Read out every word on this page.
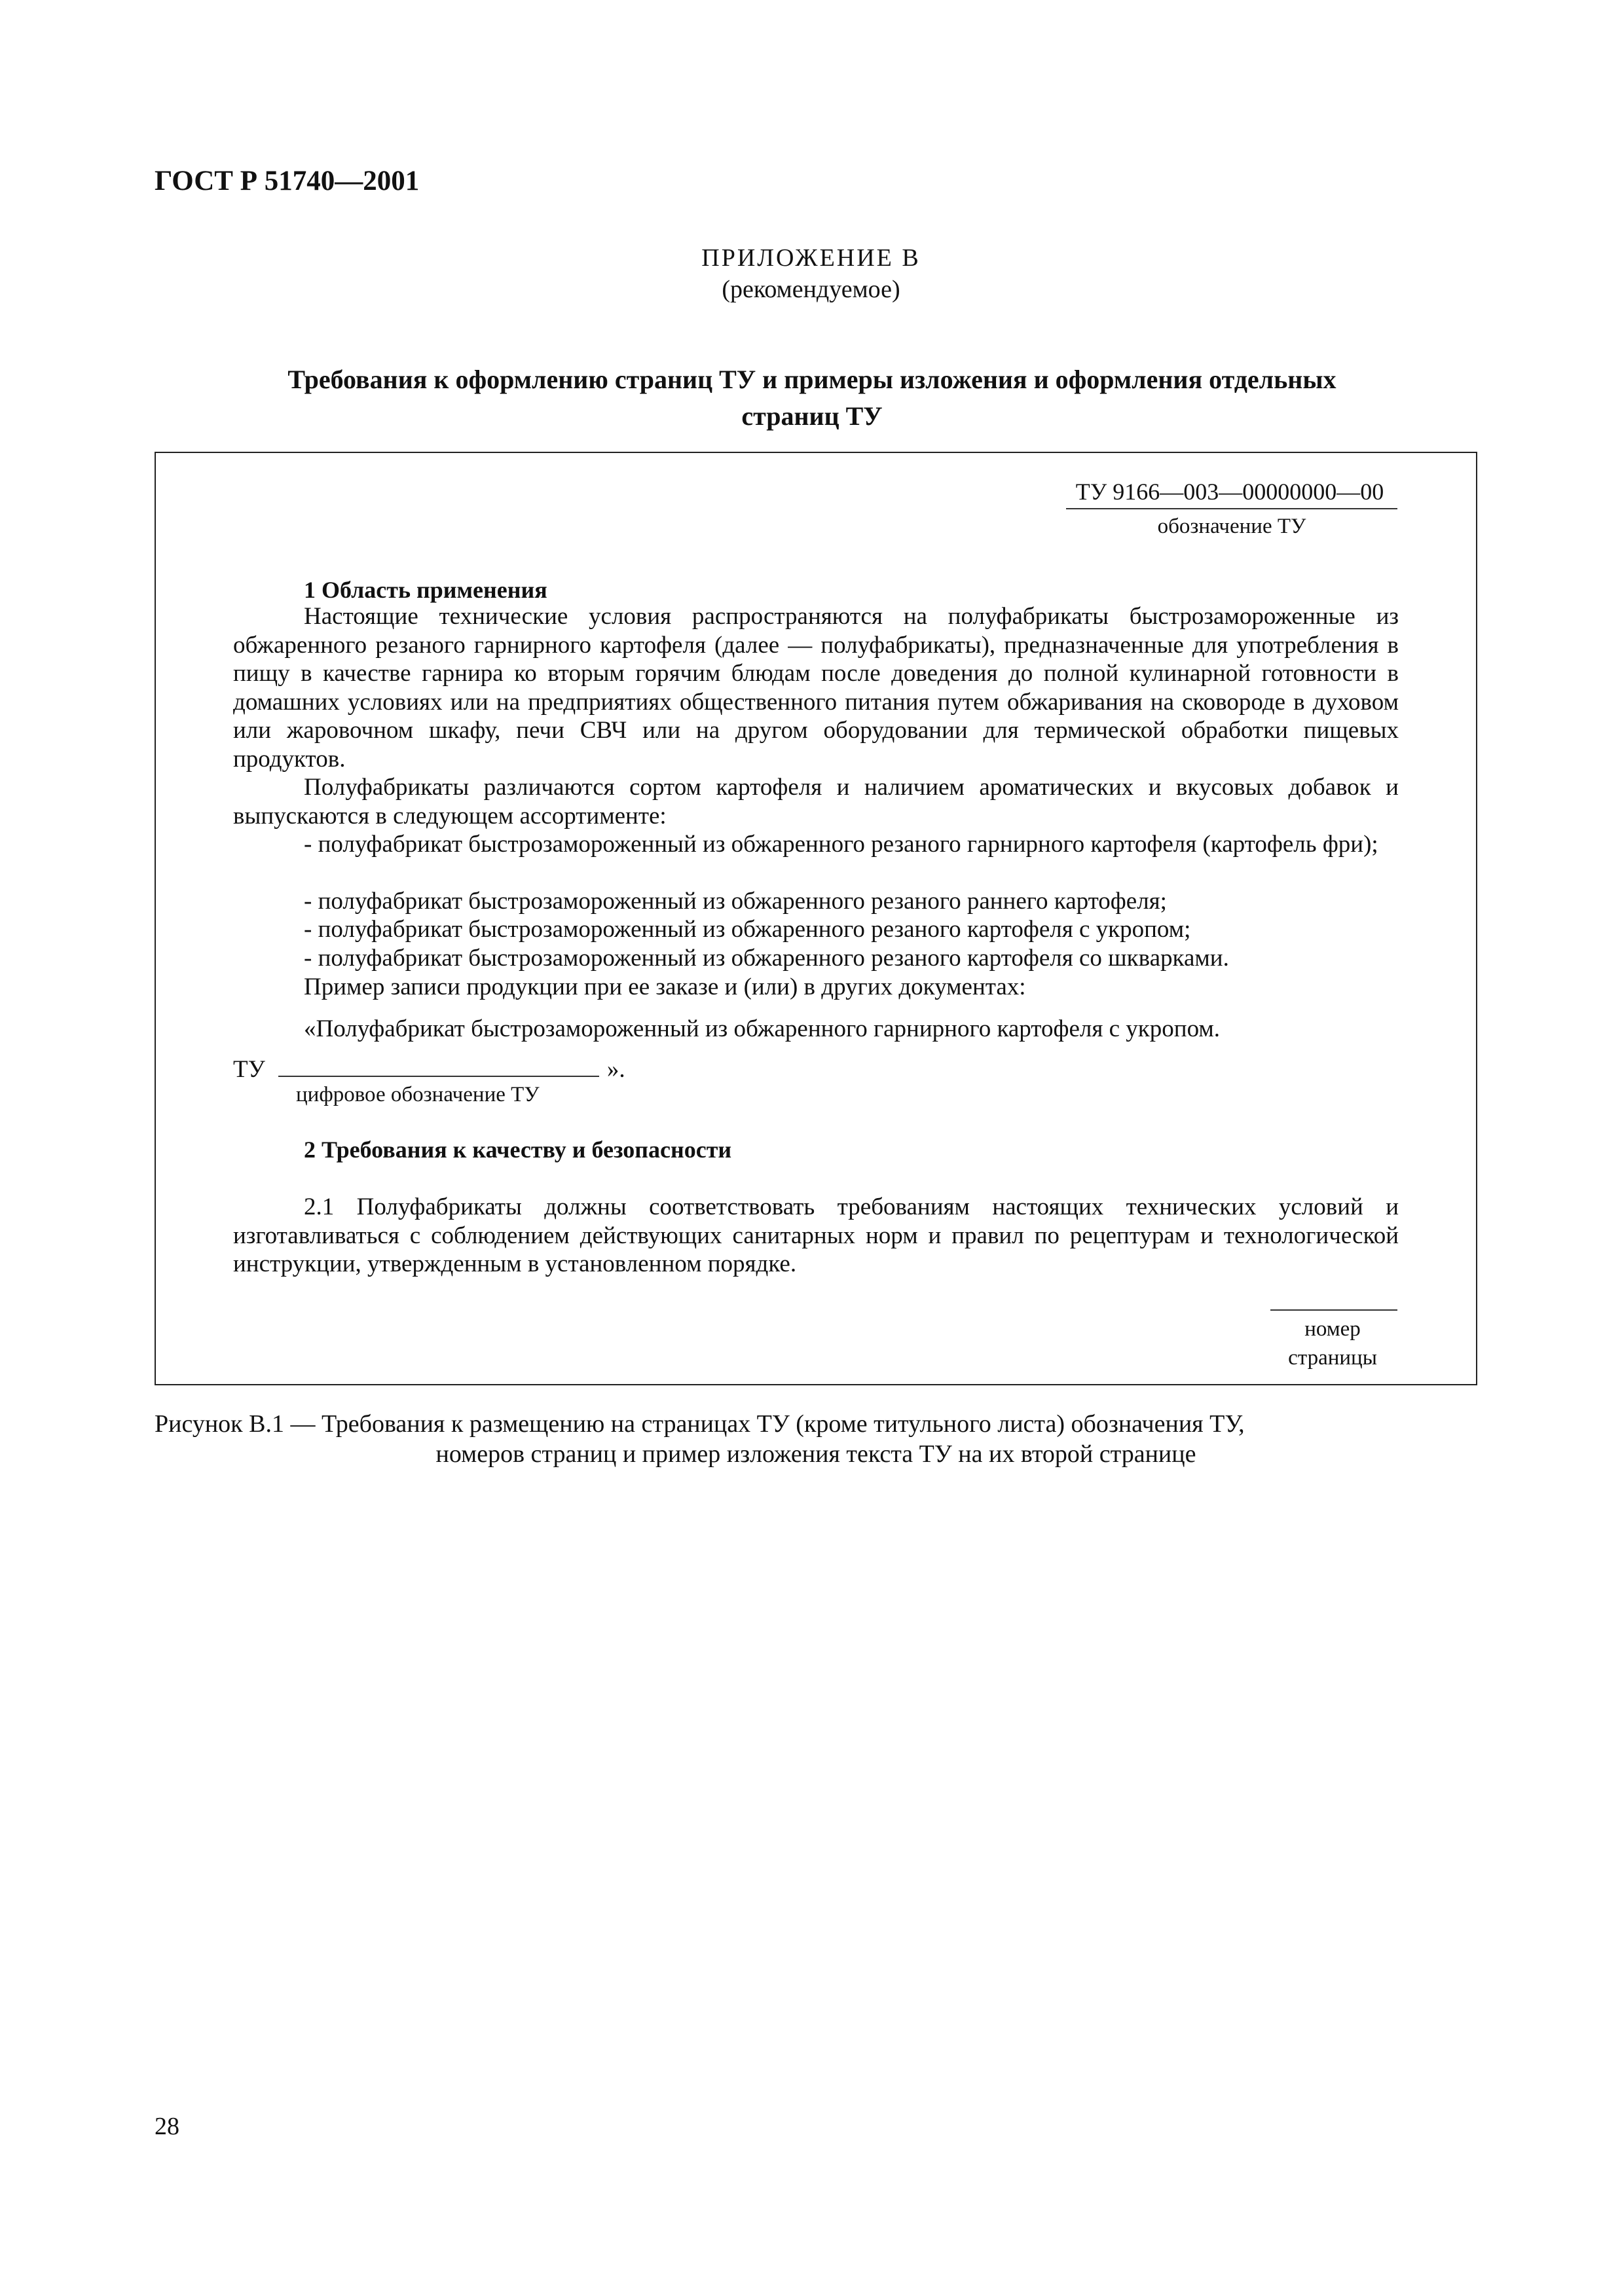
ГОСТ Р 51740—2001
ПРИЛОЖЕНИЕ В
(рекомендуемое)
Требования к оформлению страниц ТУ и примеры изложения и оформления отдельных страниц ТУ
ТУ 9166—003—00000000—00
обозначение ТУ
1 Область применения
Настоящие технические условия распространяются на полуфабрикаты быстрозамороженные из обжаренного резаного гарнирного картофеля (далее — полуфабрикаты), предназначенные для употребления в пищу в качестве гарнира ко вторым горячим блюдам после доведения до полной кулинарной готовности в домашних условиях или на предприятиях общественного питания путем обжаривания на сковороде в духовом или жаровочном шкафу, печи СВЧ или на другом оборудовании для термической обработки пищевых продуктов.
Полуфабрикаты различаются сортом картофеля и наличием ароматических и вкусовых добавок и выпускаются в следующем ассортименте:
- полуфабрикат быстрозамороженный из обжаренного резаного гарнирного картофеля (картофель фри);
- полуфабрикат быстрозамороженный из обжаренного резаного раннего картофеля;
- полуфабрикат быстрозамороженный из обжаренного резаного картофеля с укропом;
- полуфабрикат быстрозамороженный из обжаренного резаного картофеля со шкварками.
Пример записи продукции при ее заказе и (или) в других документах:
«Полуфабрикат быстрозамороженный из обжаренного гарнирного картофеля с укропом.
ТУ	».
цифровое обозначение ТУ
2 Требования к качеству и безопасности
2.1 Полуфабрикаты должны соответствовать требованиям настоящих технических условий и изготавливаться с соблюдением действующих санитарных норм и правил по рецептурам и технологической инструкции, утвержденным в установленном порядке.
номер
страницы
Рисунок В.1 — Требования к размещению на страницах ТУ (кроме титульного листа) обозначения ТУ,
номеров страниц и пример изложения текста ТУ на их второй странице
28
